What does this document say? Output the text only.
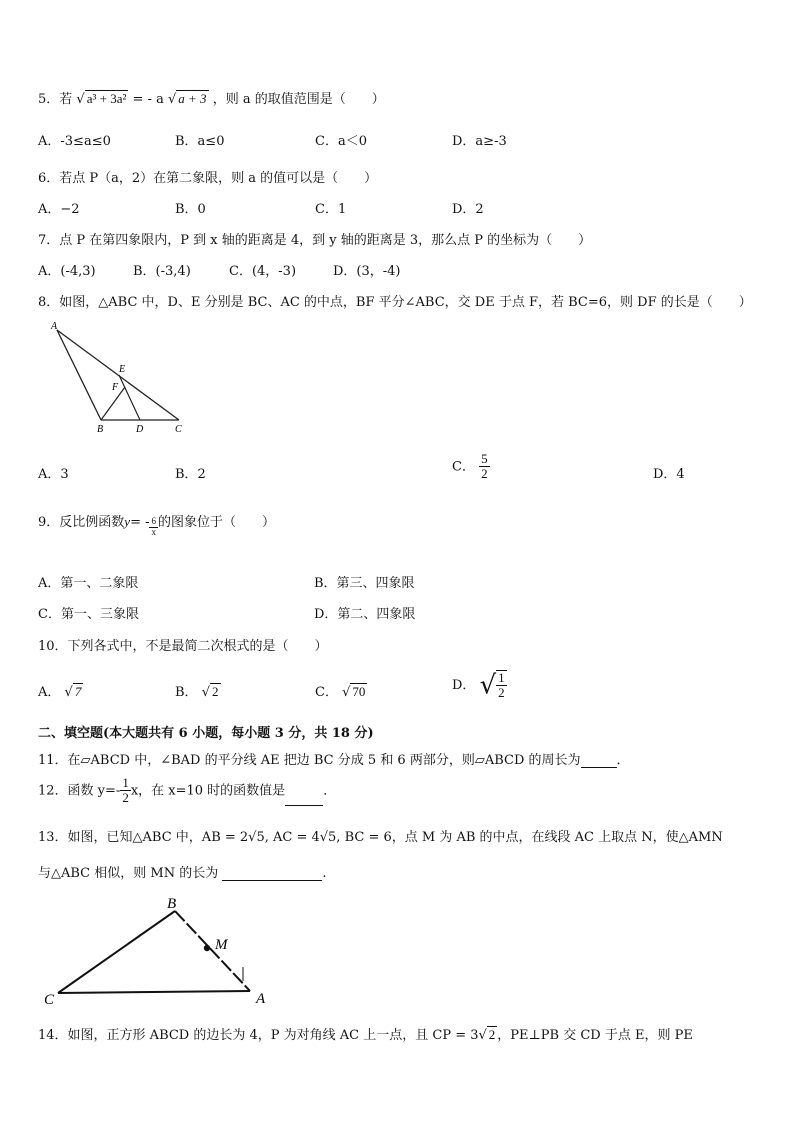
5．若 √ a³ + 3a² = - a √ a + 3 ，则 a 的取值范围是（　　）
A．-3≤a≤0	B．a≤0	C．a＜0	D．a≥-3
6．若点 P（a，2）在第二象限，则 a 的值可以是（　　）
A．−2	B．0	C．1	D．2
7．点 P 在第四象限内，P 到 x 轴的距离是 4，到 y 轴的距离是 3，那么点 P 的坐标为（　　）
A．(-4,3)	B．(-3,4)	C．(4，-3)	D．(3，-4)
8．如图，△ABC 中，D、E 分别是 BC、AC 的中点，BF 平分∠ABC，交 DE 于点 F，若 BC=6，则 DF 的长是（　　）
A
E
F
B	D	C
A．3	B．2
C． $\frac{5}{2}$	D．4
9．反比例函数$y= - \frac{6}{x}$ 的图象位于（　　）
A．第一、二象限	B．第三、四象限
C．第一、三象限	D．第二、四象限
10．下列各式中，不是最简二次根式的是（　　）
A． √ 7	B． √ 2	C． √ 70	D． √ $\frac{1}{2}$
二、填空题(本大题共有 6 小题，每小题 3 分，共 18 分)
11．在▱ABCD 中，∠BAD 的平分线 AE 把边 BC 分成 5 和 6 两部分，则▱ABCD 的周长为	．
12．函数 $y=- \frac{1}{2}$ x，在 x=10 时的函数值是	．
13．如图，已知△ABC 中，AB = 2√5, AC = 4√5, BC = 6，点 M 为 AB 的中点，在线段 AC 上取点 N，使△AMN
与△ABC 相似，则 MN 的长为	.
B
M
C	A
14．如图，正方形 ABCD 的边长为 4，P 为对角线 AC 上一点，且 CP = 3√ 2 ，PE⊥PB 交 CD 于点 E，则 PE
